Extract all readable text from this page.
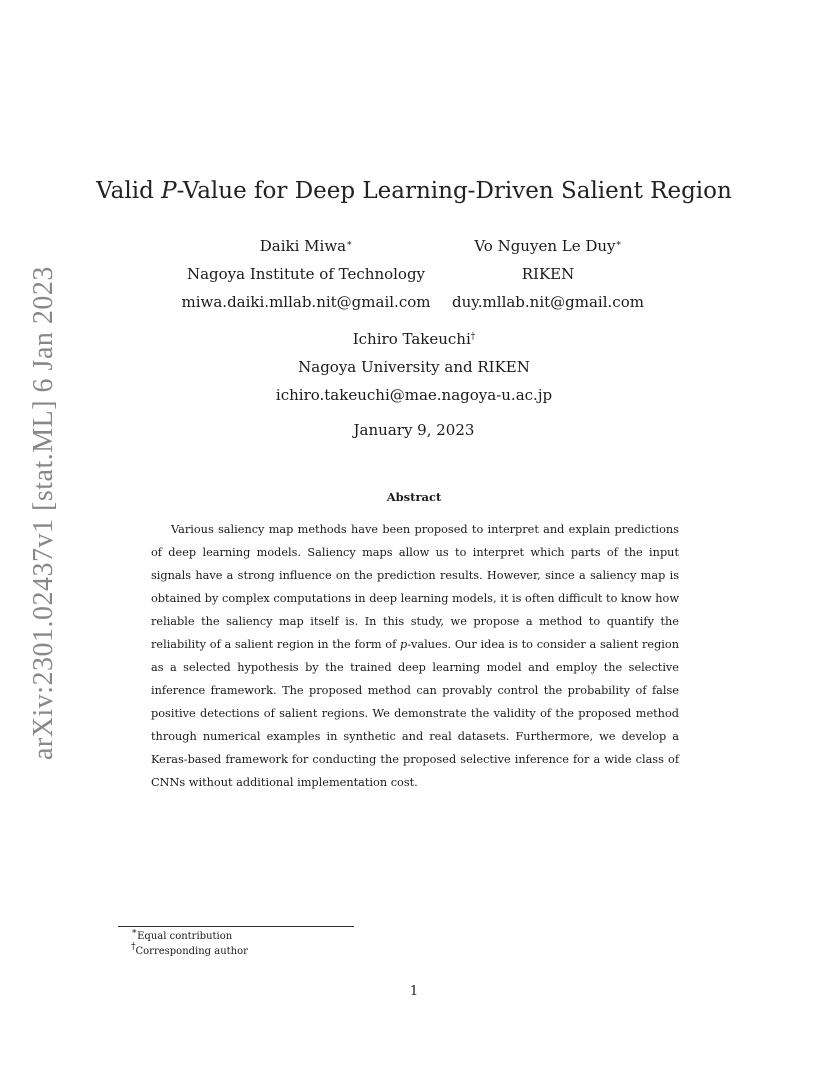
arXiv:2301.02437v1 [stat.ML] 6 Jan 2023
Valid P-Value for Deep Learning-Driven Salient Region
Daiki Miwa∗
Nagoya Institute of Technology
miwa.daiki.mllab.nit@gmail.com
Vo Nguyen Le Duy∗
RIKEN
duy.mllab.nit@gmail.com
Ichiro Takeuchi†
Nagoya University and RIKEN
ichiro.takeuchi@mae.nagoya-u.ac.jp
January 9, 2023
Abstract
Various saliency map methods have been proposed to interpret and explain predictions of deep learning models. Saliency maps allow us to interpret which parts of the input signals have a strong influence on the prediction results. However, since a saliency map is obtained by complex computations in deep learning models, it is often difficult to know how reliable the saliency map itself is. In this study, we propose a method to quantify the reliability of a salient region in the form of p-values. Our idea is to consider a salient region as a selected hypothesis by the trained deep learning model and employ the selective inference framework. The proposed method can provably control the probability of false positive detections of salient regions. We demonstrate the validity of the proposed method through numerical examples in synthetic and real datasets. Furthermore, we develop a Keras-based framework for conducting the proposed selective inference for a wide class of CNNs without additional implementation cost.
∗Equal contribution
†Corresponding author
1
